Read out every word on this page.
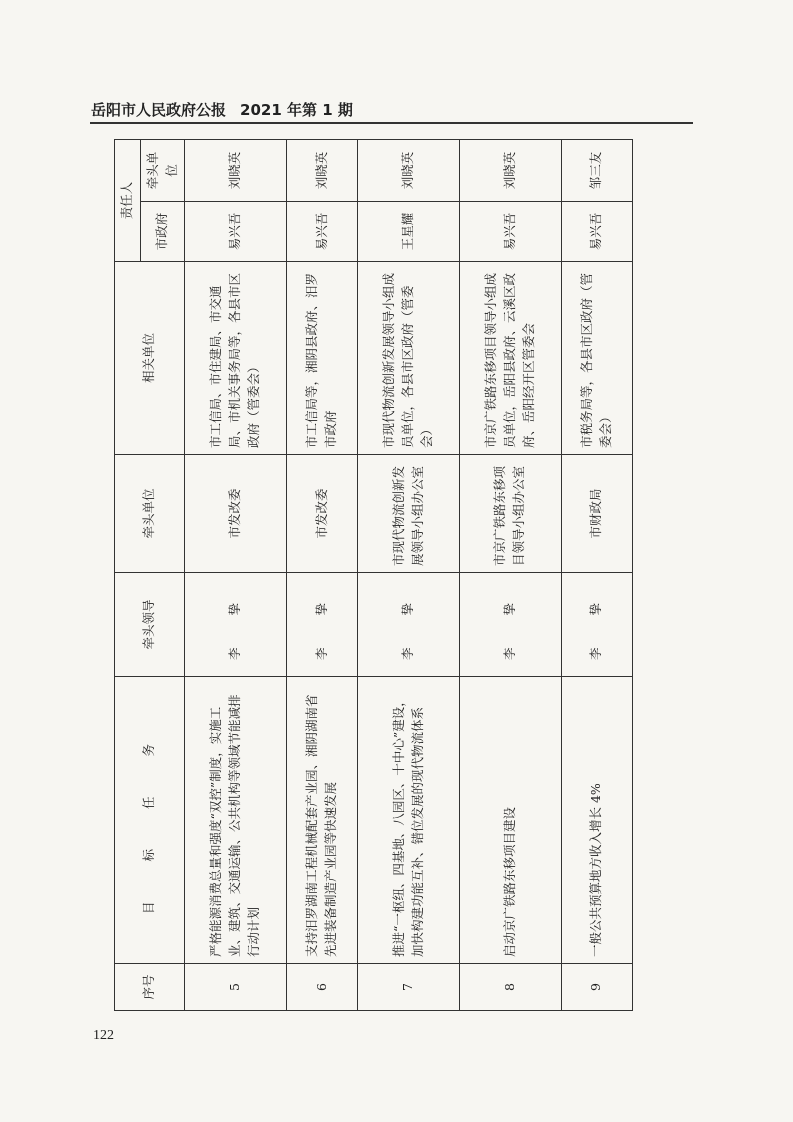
岳阳市人民政府公报 2021 年第 1 期
序号	目 标 任 务	牵头领导	牵头单位	相关单位	责任人	
					市政府	牵头单位
5	严格能源消费总量和强度“双控”制度，实施工业、建筑、交通运输、公共机构等领域节能减排行动计划	李 挚	市发改委	市工信局、市住建局、市交通局、市机关事务局等，各县市区政府（管委会）	易兴吾	刘晓英
6	支持汨罗湖南工程机械配套产业园、湘阴湖南省先进装备制造产业园等快速发展	李 挚	市发改委	市工信局等，湘阴县政府、汨罗市政府	易兴吾	刘晓英
7	推进“一枢纽、四基地、八园区、十中心”建设，加快构建功能互补、错位发展的现代物流体系	李 挚	市现代物流创新发展领导小组办公室	市现代物流创新发展领导小组成员单位，各县市区政府（管委会）	王星耀	刘晓英
8	启动京广铁路东移项目建设	李 挚	市京广铁路东移项目领导小组办公室	市京广铁路东移项目领导小组成员单位，岳阳县政府、云溪区政府、岳阳经开区管委会	易兴吾	刘晓英
9	一般公共预算地方收入增长 4%	李 挚	市财政局	市税务局等，各县市区政府（管委会）	易兴吾	邹三友
122
